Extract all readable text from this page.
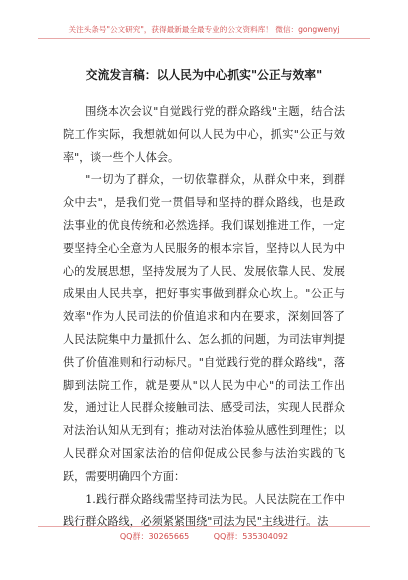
关注头条号"公文研究"，获得最新最全最专业的公文资料库！ 微信：gongwenyj
交流发言稿：以人民为中心抓实"公正与效率"

围绕本次会议"自觉践行党的群众路线"主题，结合法院工作实际，我想就如何以人民为中心，抓实"公正与效率"，谈一些个人体会。

"一切为了群众，一切依靠群众，从群众中来，到群众中去"，是我们党一贯倡导和坚持的群众路线，也是政法事业的优良传统和必然选择。我们谋划推进工作，一定要坚持全心全意为人民服务的根本宗旨，坚持以人民为中心的发展思想，坚持发展为了人民、发展依靠人民、发展成果由人民共享，把好事实事做到群众心坎上。"公正与效率"作为人民司法的价值追求和内在要求，深刻回答了人民法院集中力量抓什么、怎么抓的问题，为司法审判提供了价值准则和行动标尺。"自觉践行党的群众路线"，落脚到法院工作，就是要从"以人民为中心"的司法工作出发，通过让人民群众接触司法、感受司法，实现人民群众对法治认知从无到有；推动对法治体验从感性到理性；以人民群众对国家法治的信仰促成公民参与法治实践的飞跃，需要明确四个方面：

1.践行群众路线需坚持司法为民。人民法院在工作中践行群众路线，必须紧紧围绕"司法为民"主线进行。法

QQ群：30265665	QQ群：535304092
